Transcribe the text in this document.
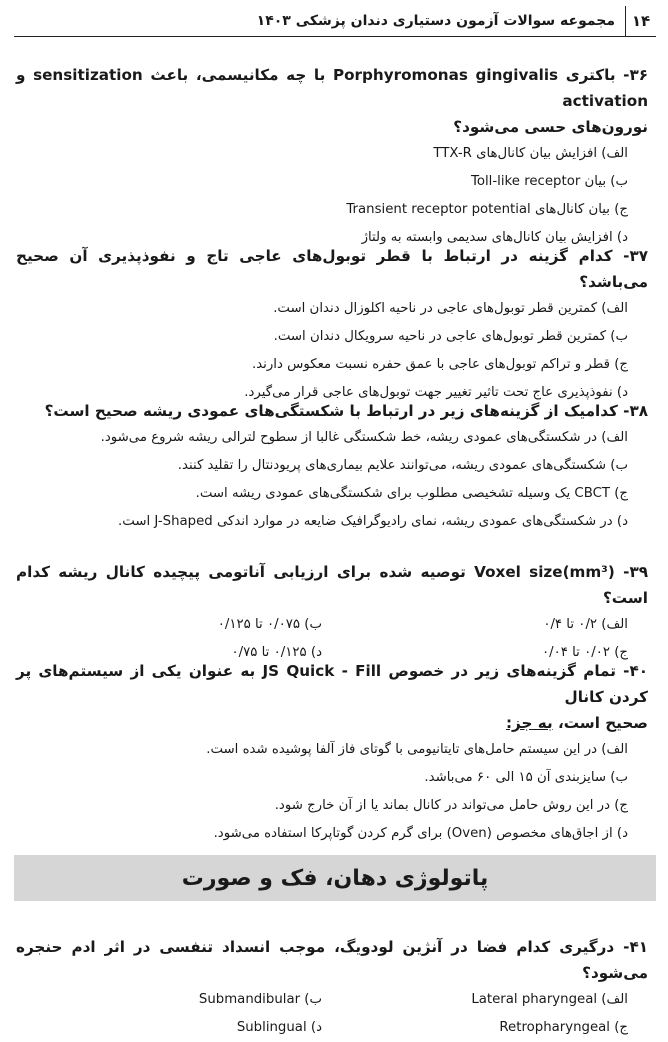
۱۴
مجموعه سوالات آزمون دستیاری دندان پزشکی ۱۴۰۳
۳۶- باکتری Porphyromonas gingivalis با چه مکانیسمی، باعث sensitization و activation
نورون‌های حسی می‌شود؟
الف) افزایش بیان کانال‌های TTX-R
ب) بیان Toll-like receptor
ج) بیان کانال‌های Transient receptor potential
د) افزایش بیان کانال‌های سدیمی وابسته به ولتاژ
۳۷- کدام گزینه در ارتباط با قطر توبول‌های عاجی تاج و نفوذپذیری آن صحیح می‌باشد؟
الف) کمترین قطر توبول‌های عاجی در ناحیه اکلوزال دندان است.
ب) کمترین قطر توبول‌های عاجی در ناحیه سرویکال دندان است.
ج) قطر و تراکم توبول‌های عاجی با عمق حفره نسبت معکوس دارند.
د) نفوذپذیری عاج تحت تاثیر تغییر جهت توبول‌های عاجی قرار می‌گیرد.
۳۸- کدامیک از گزینه‌های زیر در ارتباط با شکستگی‌های عمودی ریشه صحیح است؟
الف) در شکستگی‌های عمودی ریشه، خط شکستگی غالبا از سطوح لترالی ریشه شروع می‌شود.
ب) شکستگی‌های عمودی ریشه، می‌توانند علایم بیماری‌های پریودنتال را تقلید کنند.
ج) CBCT یک وسیله تشخیصی مطلوب برای شکستگی‌های عمودی ریشه است.
د) در شکستگی‌های عمودی ریشه، نمای رادیوگرافیک ضایعه در موارد اندکی J-Shaped است.
۳۹- (mm³)Voxel size توصیه شده برای ارزیابی آناتومی پیچیده کانال ریشه کدام است؟
الف) ۰/۲ تا ۰/۴
ب) ۰/۰۷۵ تا ۰/۱۲۵
ج) ۰/۰۲ تا ۰/۰۴
د) ۰/۱۲۵ تا ۰/۷۵
۴۰- تمام گزینه‌های زیر در خصوص JS Quick - Fill به عنوان یکی از سیستم‌های پر کردن کانال
صحیح است، به جز:
الف) در این سیستم حامل‌های تایتانیومی با گوتای فاز آلفا پوشیده شده است.
ب) سایزبندی آن ۱۵ الی ۶۰ می‌باشد.
ج) در این روش حامل می‌تواند در کانال بماند یا از آن خارج شود.
د) از اجاق‌های مخصوص (Oven) برای گرم کردن گوتاپرکا استفاده می‌شود.
پاتولوژی دهان، فک و صورت
۴۱- درگیری کدام فضا در آنژین لودویگ، موجب انسداد تنفسی در اثر ادم حنجره می‌شود؟
الف) Lateral pharyngeal
ب) Submandibular
ج) Retropharyngeal
د) Sublingual
